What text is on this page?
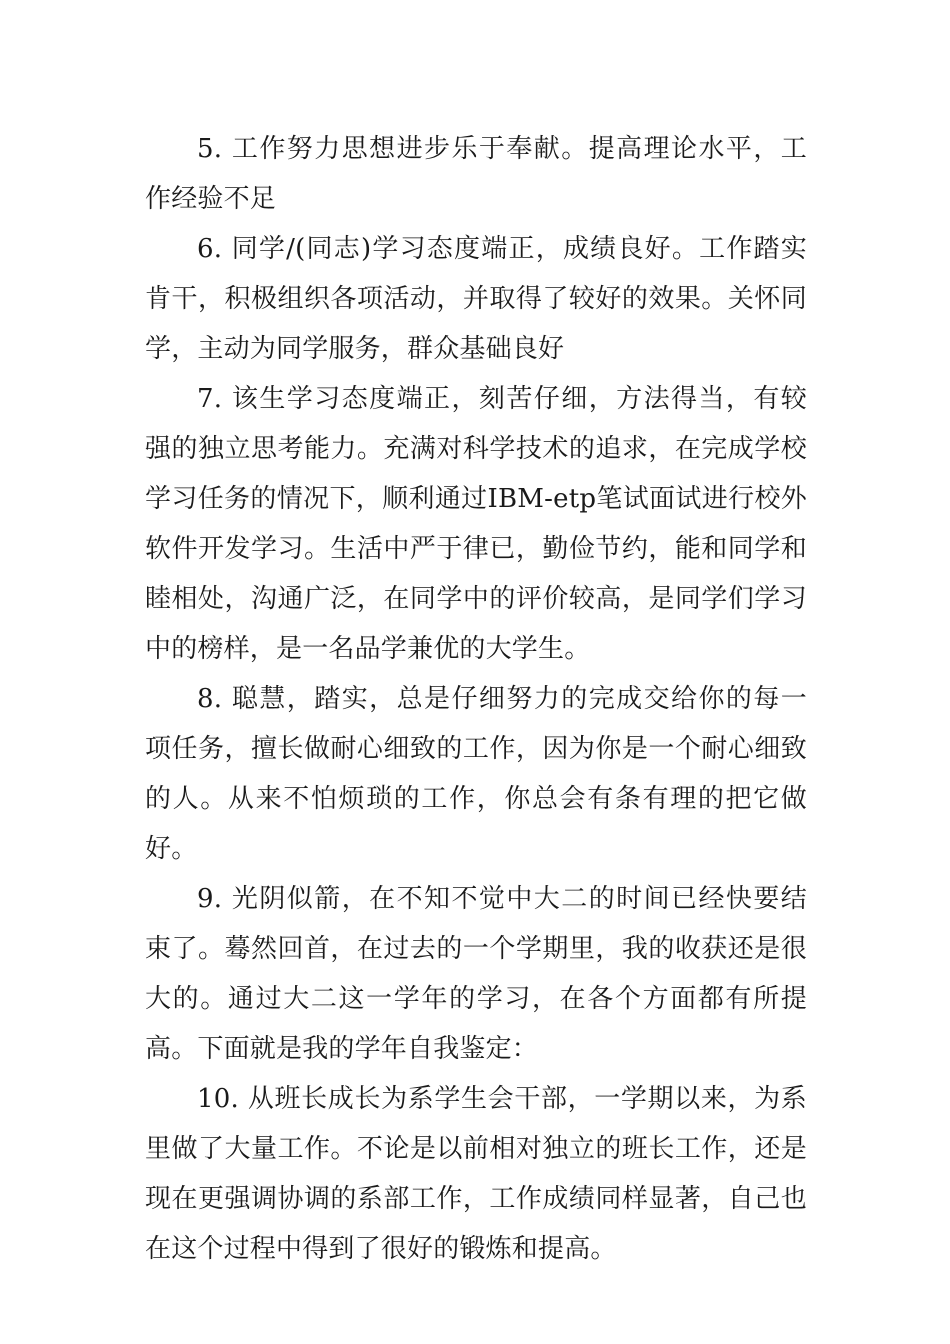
5. 工作努力思想进步乐于奉献。提高理论水平，工作经验不足

6. 同学/(同志)学习态度端正，成绩良好。工作踏实肯干，积极组织各项活动，并取得了较好的效果。关怀同学，主动为同学服务，群众基础良好

7. 该生学习态度端正，刻苦仔细，方法得当，有较强的独立思考能力。充满对科学技术的追求，在完成学校学习任务的情况下，顺利通过IBM-etp笔试面试进行校外软件开发学习。生活中严于律已，勤俭节约，能和同学和睦相处，沟通广泛，在同学中的评价较高，是同学们学习中的榜样，是一名品学兼优的大学生。

8. 聪慧，踏实，总是仔细努力的完成交给你的每一项任务，擅长做耐心细致的工作，因为你是一个耐心细致的人。从来不怕烦琐的工作，你总会有条有理的把它做好。

9. 光阴似箭，在不知不觉中大二的时间已经快要结束了。蓦然回首，在过去的一个学期里，我的收获还是很大的。通过大二这一学年的学习，在各个方面都有所提高。下面就是我的学年自我鉴定：

10. 从班长成长为系学生会干部，一学期以来，为系里做了大量工作。不论是以前相对独立的班长工作，还是现在更强调协调的系部工作，工作成绩同样显著，自己也在这个过程中得到了很好的锻炼和提高。
